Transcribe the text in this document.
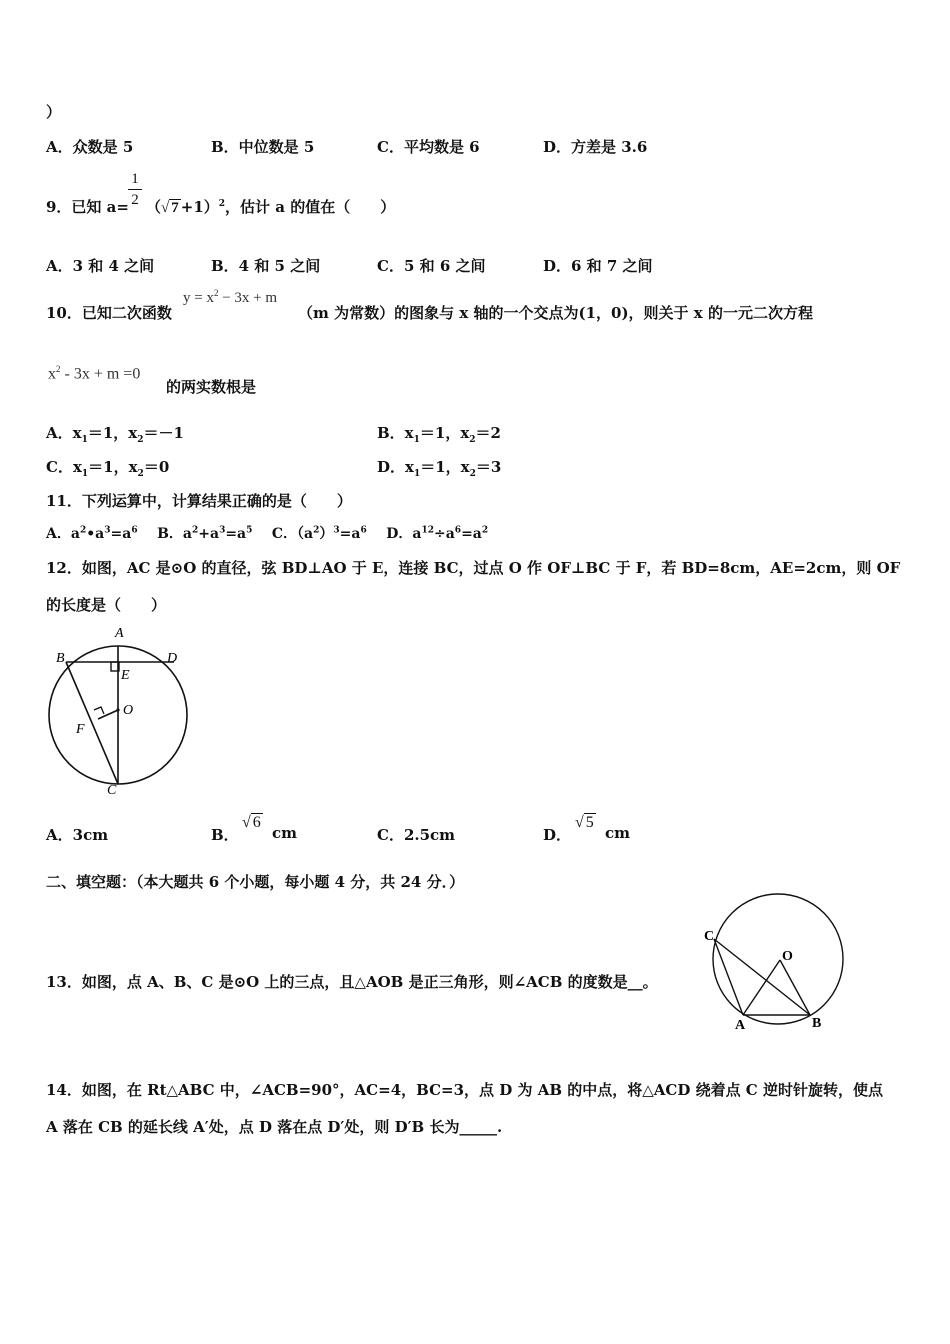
）
A．众数是 5	B．中位数是 5	C．平均数是 6	D．方差是 3.6
9．已知 a=
1
2 （√ 7 +1）$^2$，估计 a 的值在（　　）
A．3 和 4 之间	B．4 和 5 之间	C．5 和 6 之间	D．6 和 7 之间
10．已知二次函数
$y = x^2 - 3x + m$
（m 为常数）的图象与 x 轴的一个交点为(1，0)，则关于 x 的一元二次方程
$x^2 - 3x + m =0$
的两实数根是
A．$x_1=1$，$x_2=-1$	B．$x_1=1$，$x_2=2$
C．$x_1=1$，$x_2=0$	D．$x_1=1$，$x_2=3$
11．下列运算中，计算结果正确的是（　　）
A．$a^2•a^3=a^6$ B．$a^2+a^3=a^5$ C．$(a^2)^3=a^6$ D．$a^{12}\div a^6=a^2$
12．如图，AC 是⊙O 的直径，弦 BD⊥AO 于 E，连接 BC，过点 O 作 OF⊥BC 于 F，若 BD=8cm，AE=2cm，则 OF
的长度是（　　）
A
B	D
E
O
F
C
A．3cm	B．
√ 6
cm	C．2.5cm	D．
√ 5
cm
二、填空题：（本大题共 6 个小题，每小题 4 分，共 24 分．）
13．如图，点 A、B、C 是⊙O 上的三点，且△AOB 是正三角形，则∠ACB 的度数是__。
C
O
A	B
14．如图，在 Rt△ABC 中，∠ACB=90°，AC=4，BC=3，点 D 为 AB 的中点，将△ACD 绕着点 C 逆时针旋转，使点
A 落在 CB 的延长线 A′处，点 D 落在点 D′处，则 D′B 长为_____.
